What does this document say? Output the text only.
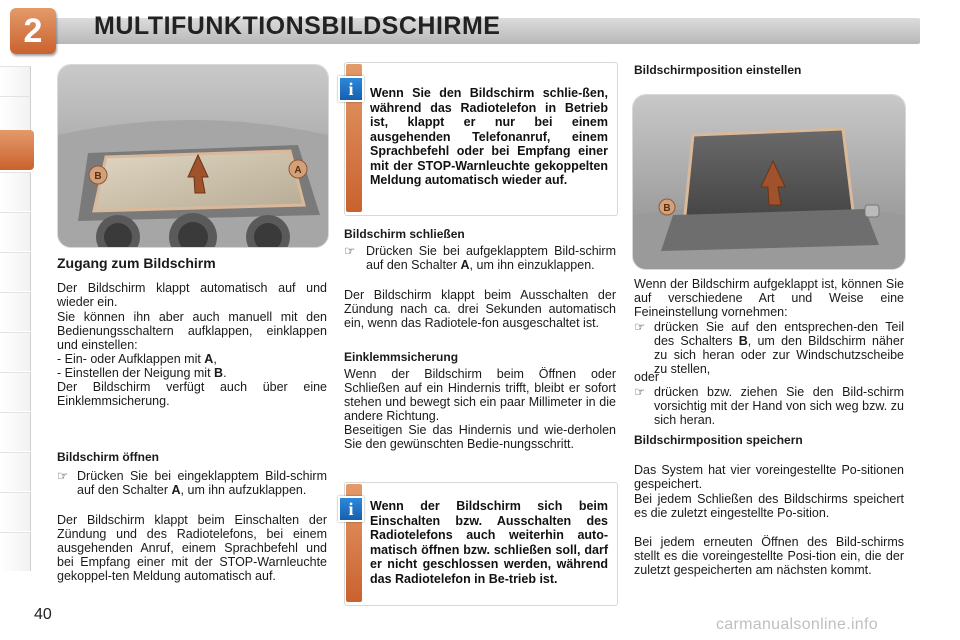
2	MULTIFUNKTIONSBILDSCHIRME
B
A
B
Zugang zum Bildschirm
Der Bildschirm klappt automatisch auf und wieder ein.
Sie können ihn aber auch manuell mit den Bedienungsschaltern aufklappen, einklappen und einstellen:
- Ein- oder Aufklappen mit A,
- Einstellen der Neigung mit B.
Der Bildschirm verfügt auch über eine Einklemmsicherung.
Bildschirm öffnen
☞ Drücken Sie bei eingeklapptem Bild-schirm auf den Schalter A, um ihn aufzuklappen.
Der Bildschirm klappt beim Einschalten der Zündung und des Radiotelefons, bei einem ausgehenden Anruf, einem Sprachbefehl und bei Empfang einer mit der STOP-Warnleuchte gekoppel-ten Meldung automatisch auf.
i	Wenn Sie den Bildschirm schlie-ßen, während das Radiotelefon in Betrieb ist, klappt er nur bei einem ausgehenden Telefonanruf, einem Sprachbefehl oder bei Empfang einer mit der STOP-Warnleuchte gekoppelten Meldung automatisch wieder auf.
Bildschirm schließen
☞ Drücken Sie bei aufgeklapptem Bild-schirm auf den Schalter A, um ihn einzuklappen.
Der Bildschirm klappt beim Ausschalten der Zündung nach ca. drei Sekunden automatisch ein, wenn das Radiotele-fon ausgeschaltet ist.
Einklemmsicherung
Wenn der Bildschirm beim Öffnen oder Schließen auf ein Hindernis trifft, bleibt er sofort stehen und bewegt sich ein paar Millimeter in die andere Richtung.
Beseitigen Sie das Hindernis und wie-derholen Sie den gewünschten Bedie-nungsschritt.
i	Wenn der Bildschirm sich beim Einschalten bzw. Ausschalten des Radiotelefons auch weiterhin auto-matisch öffnen bzw. schließen soll, darf er nicht geschlossen werden, während das Radiotelefon in Be-trieb ist.
Bildschirmposition einstellen
Wenn der Bildschirm aufgeklappt ist, können Sie auf verschiedene Art und Weise eine Feineinstellung vornehmen:
☞ drücken Sie auf den entsprechen-den Teil des Schalters B, um den Bildschirm näher zu sich heran oder zur Windschutzscheibe zu stellen,
oder
☞ drücken bzw. ziehen Sie den Bild-schirm vorsichtig mit der Hand von sich weg bzw. zu sich heran.
Bildschirmposition speichern
Das System hat vier voreingestellte Po-sitionen gespeichert.
Bei jedem Schließen des Bildschirms speichert es die zuletzt eingestellte Po-sition.
Bei jedem erneuten Öffnen des Bild-schirms stellt es die voreingestellte Posi-tion ein, die der zuletzt gespeicherten am nächsten kommt.
40
carmanualsonline.info
